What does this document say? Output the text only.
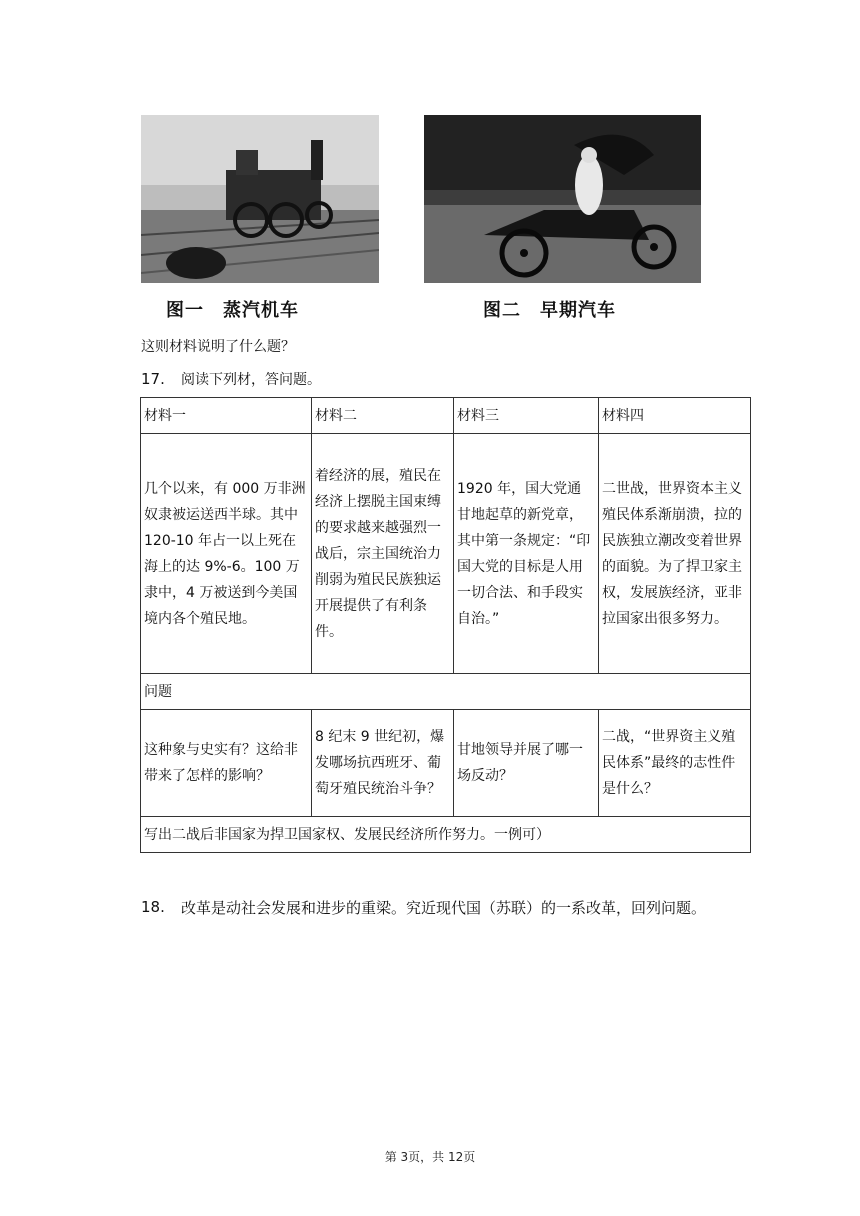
图一　蒸汽机车	图二　早期汽车
这则材料说明了什么题？
17. 阅读下列材，答问题。
材料一	材料二	材料三	材料四
几个以来，有 000 万非洲奴隶被运送西半球。其中 120-10 年占一以上死在海上的达 9%-6。100 万隶中，4 万被送到今美国境内各个殖民地。	着经济的展，殖民在经济上摆脱主国束缚的要求越来越强烈一战后，宗主国统治力削弱为殖民民族独运开展提供了有利条件。	1920 年，国大党通甘地起草的新党章，其中第一条规定：“印国大党的目标是人用一切合法、和手段实自治。”	二世战，世界资本主义殖民体系渐崩溃，拉的民族独立潮改变着世界的面貌。为了捍卫家主权，发展族经济，亚非拉国家出很多努力。
问题			
这种象与史实有？这给非带来了怎样的影响？	8 纪末 9 世纪初，爆发哪场抗西班牙、葡萄牙殖民统治斗争？	甘地领导并展了哪一场反动？	二战，“世界资主义殖民体系”最终的志性件是什么？
写出二战后非国家为捍卫国家权、发展民经济所作努力。一例可）			
18. 改革是动社会发展和进步的重梁。究近现代国（苏联）的一系改革，回列问题。
第 3页，共 12页
